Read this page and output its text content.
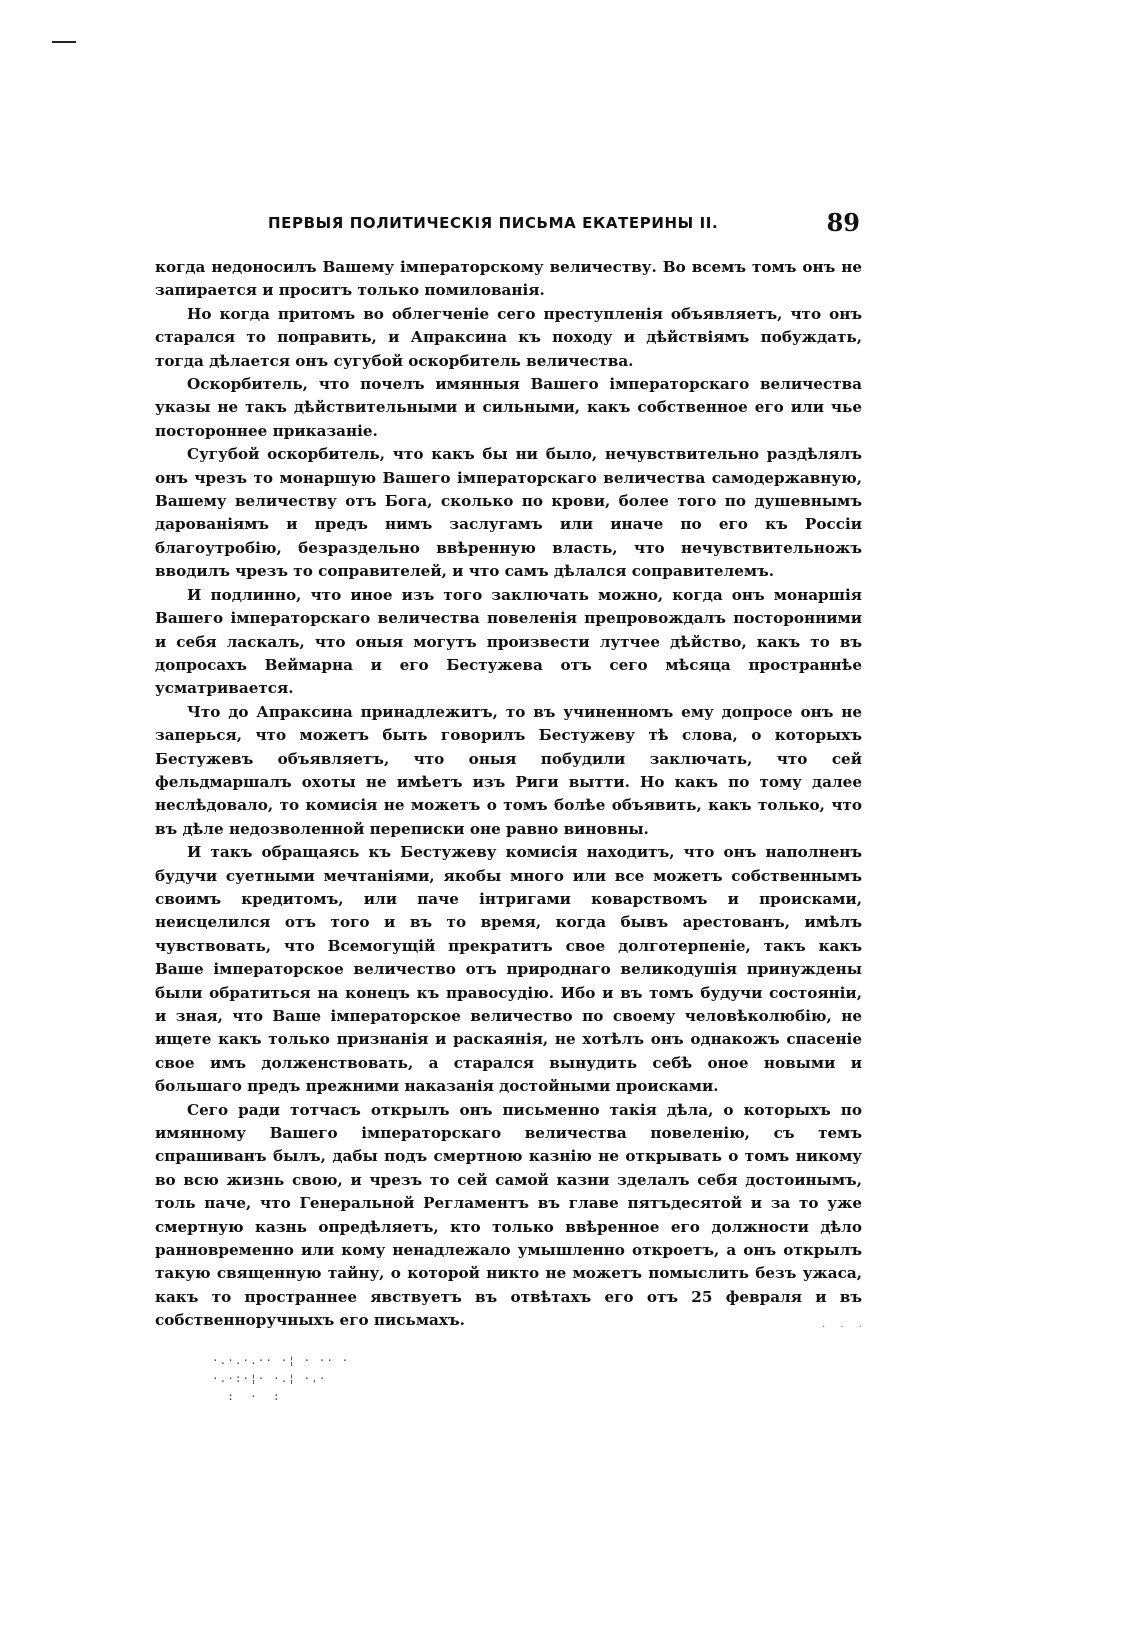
ПЕРВЫЯ ПОЛИТИЧЕСКІЯ ПИСЬМА ЕКАТЕРИНЫ II.	89

когда недоносилъ Вашему імператорскому величеству. Во всемъ томъ онъ не запирается и проситъ только помилованія.

Но когда притомъ во облегченіе сего преступленія объявляетъ, что онъ старался то поправить, и Апраксина къ походу и дѣйствіямъ побуждать, тогда дѣлается онъ сугубой оскорбитель величества.

Оскорбитель, что почелъ имянныя Вашего імператорскаго величества указы не такъ дѣйствительными и сильными, какъ собственное его или чье постороннее приказаніе.

Сугубой оскорбитель, что какъ бы ни было, нечувствительно раздѣлялъ онъ чрезъ то монаршую Вашего імператорскаго величества самодержавную, Вашему величеству отъ Бога, сколько по крови, более того по душевнымъ дарованіямъ и предъ нимъ заслугамъ или иначе по его къ Россіи благоутробію, безраздельно ввѣренную власть, что нечувствительножъ вводилъ чрезъ то соправителей, и что самъ дѣлался соправителемъ.

И подлинно, что иное изъ того заключать можно, когда онъ монаршія Вашего імператорскаго величества повеленія препровождалъ посторонними и себя ласкалъ, что оныя могутъ произвести лутчее дѣйство, какъ то въ допросахъ Веймарна и его Бестужева отъ сего мѣсяца пространнѣе усматривается.

Что до Апраксина принадлежитъ, то въ учиненномъ ему допросе онъ не заперься, что можетъ быть говорилъ Бестужеву тѣ слова, о которыхъ Бестужевъ объявляетъ, что оныя побудили заключать, что сей фельдмаршалъ охоты не имѣетъ изъ Риги вытти. Но какъ по тому далее неслѣдовало, то комисія не можетъ о томъ болѣе объявить, какъ только, что въ дѣле недозволенной переписки оне равно виновны.

И такъ обращаясь къ Бестужеву комисія находитъ, что онъ наполненъ будучи суетными мечтаніями, якобы много или все можетъ собственнымъ своимъ кредитомъ, или паче інтригами коварствомъ и происками, неисцелился отъ того и въ то время, когда бывъ арестованъ, имѣлъ чувствовать, что Всемогущій прекратитъ свое долготерпеніе, такъ какъ Ваше імператорское величество отъ природнаго великодушія принуждены были обратиться на конецъ къ правосудію. Ибо и въ томъ будучи состояніи, и зная, что Ваше імператорское величество по своему человѣколюбію, не ищете какъ только признанія и раскаянія, не хотѣлъ онъ однакожъ спасеніе свое имъ долженствовать, а старался вынудить себѣ оное новыми и большаго предъ прежними наказанія достойными происками.

Сего ради тотчасъ открылъ онъ письменно такія дѣла, о которыхъ по имянному Вашего імператорскаго величества повеленію, съ темъ спрашиванъ былъ, дабы подъ смертною казнію не открывать о томъ никому во всю жизнь свою, и чрезъ то сей самой казни зделалъ себя достоинымъ, толь паче, что Генеральной Регламентъ въ главе пятъдесятой и за то уже смертную казнь опредѣляетъ, кто только ввѣренное его должности дѣло ранновременно или кому ненадлежало умышленно откроетъ, а онъ открылъ такую священную тайну, о которой никто не можетъ помыслить безъ ужаса, какъ то пространнее явствуетъ въ отвѣтахъ его отъ 25 февраля и въ собственноручныхъ его письмахъ.	· · ·
·.·.·.·· ·¦ · ·· ·
·.·:·¦· ·.¦ ·.·
:  ·  :
